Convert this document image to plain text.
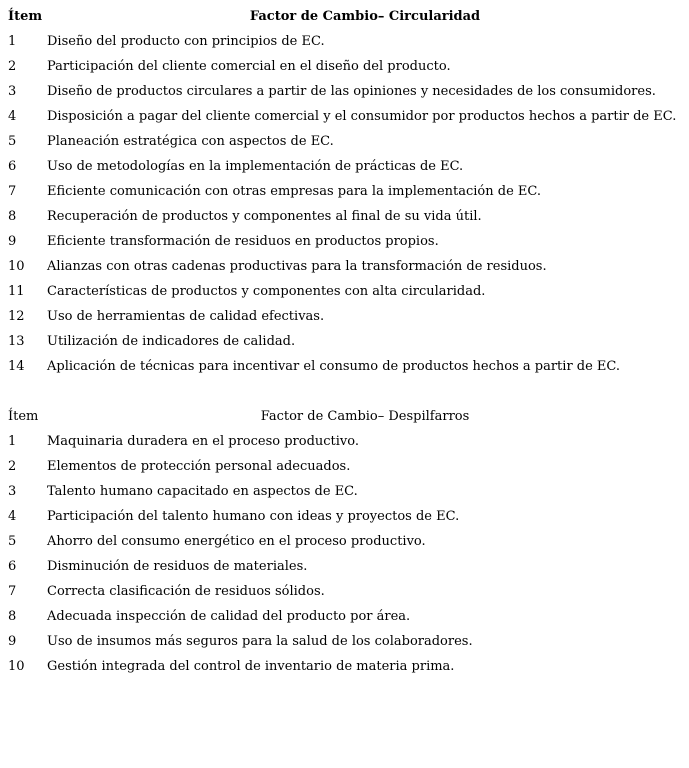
Ítem	Factor de Cambio– Circularidad
1 Diseño del producto con principios de EC.
2 Participación del cliente comercial en el diseño del producto.
3 Diseño de productos circulares a partir de las opiniones y necesidades de los consumidores.
4 Disposición a pagar del cliente comercial y el consumidor por productos hechos a partir de EC.
5 Planeación estratégica con aspectos de EC.
6 Uso de metodologías en la implementación de prácticas de EC.
7 Eficiente comunicación con otras empresas para la implementación de EC.
8 Recuperación de productos y componentes al final de su vida útil.
9 Eficiente transformación de residuos en productos propios.
10 Alianzas con otras cadenas productivas para la transformación de residuos.
11 Características de productos y componentes con alta circularidad.
12 Uso de herramientas de calidad efectivas.
13 Utilización de indicadores de calidad.
14 Aplicación de técnicas para incentivar el consumo de productos hechos a partir de EC.
Ítem	Factor de Cambio– Despilfarros
1 Maquinaria duradera en el proceso productivo.
2 Elementos de protección personal adecuados.
3 Talento humano capacitado en aspectos de EC.
4 Participación del talento humano con ideas y proyectos de EC.
5 Ahorro del consumo energético en el proceso productivo.
6 Disminución de residuos de materiales.
7 Correcta clasificación de residuos sólidos.
8 Adecuada inspección de calidad del producto por área.
9 Uso de insumos más seguros para la salud de los colaboradores.
10 Gestión integrada del control de inventario de materia prima.
